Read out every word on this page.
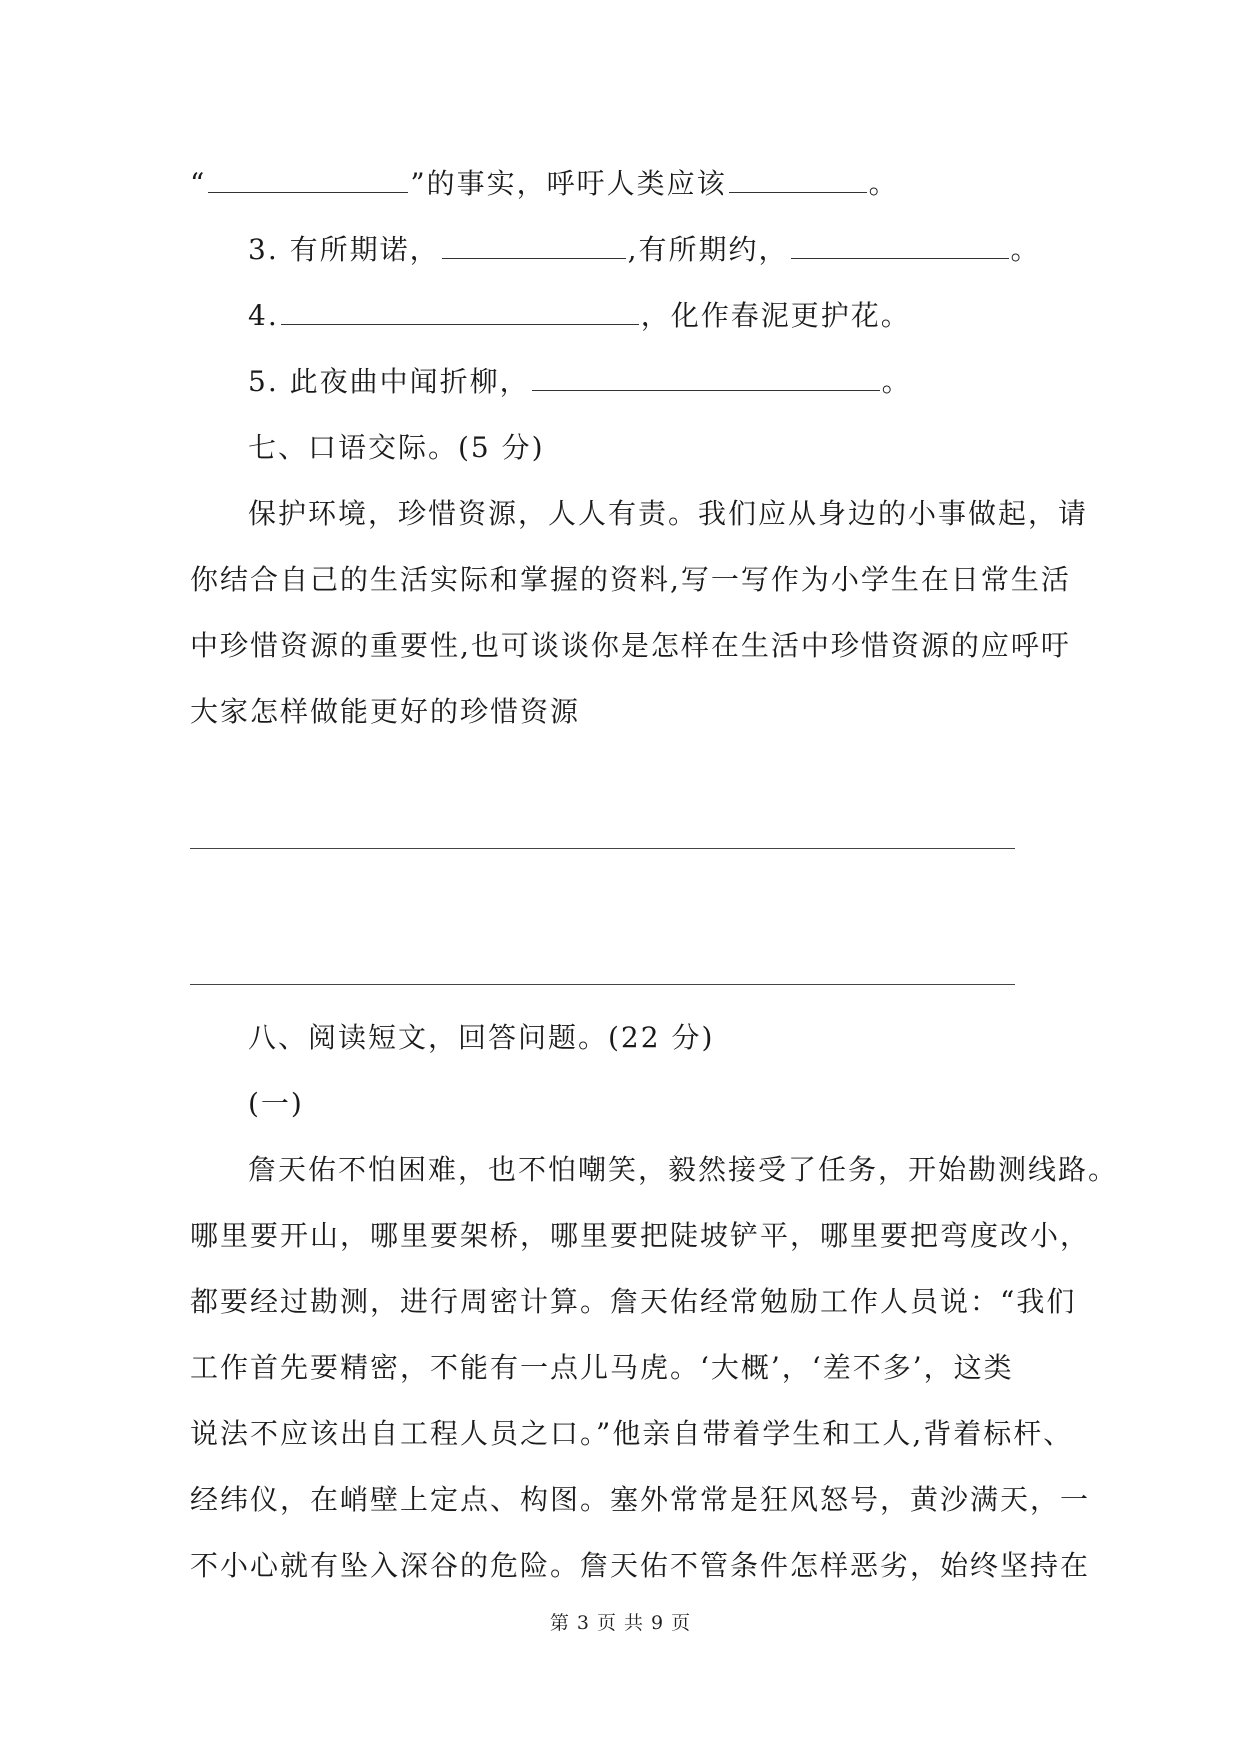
“	”的事实，呼吁人类应该	。
3. 有所期诺，	,有所期约，	。
4.	，化作春泥更护花。
5. 此夜曲中闻折柳，	。
七、口语交际。(5 分)
保护环境，珍惜资源，人人有责。我们应从身边的小事做起，请
你结合自己的生活实际和掌握的资料,写一写作为小学生在日常生活
中珍惜资源的重要性,也可谈谈你是怎样在生活中珍惜资源的应呼吁
大家怎样做能更好的珍惜资源
八、阅读短文，回答问题。(22 分)
(一)
詹天佑不怕困难，也不怕嘲笑，毅然接受了任务，开始勘测线路。
哪里要开山，哪里要架桥，哪里要把陡坡铲平，哪里要把弯度改小，
都要经过勘测，进行周密计算。詹天佑经常勉励工作人员说：“我们
工作首先要精密，不能有一点儿马虎。‘大概’，‘差不多’，这类
说法不应该出自工程人员之口。”他亲自带着学生和工人,背着标杆、
经纬仪，在峭壁上定点、构图。塞外常常是狂风怒号，黄沙满天，一
不小心就有坠入深谷的危险。詹天佑不管条件怎样恶劣，始终坚持在
第 3 页 共 9 页
